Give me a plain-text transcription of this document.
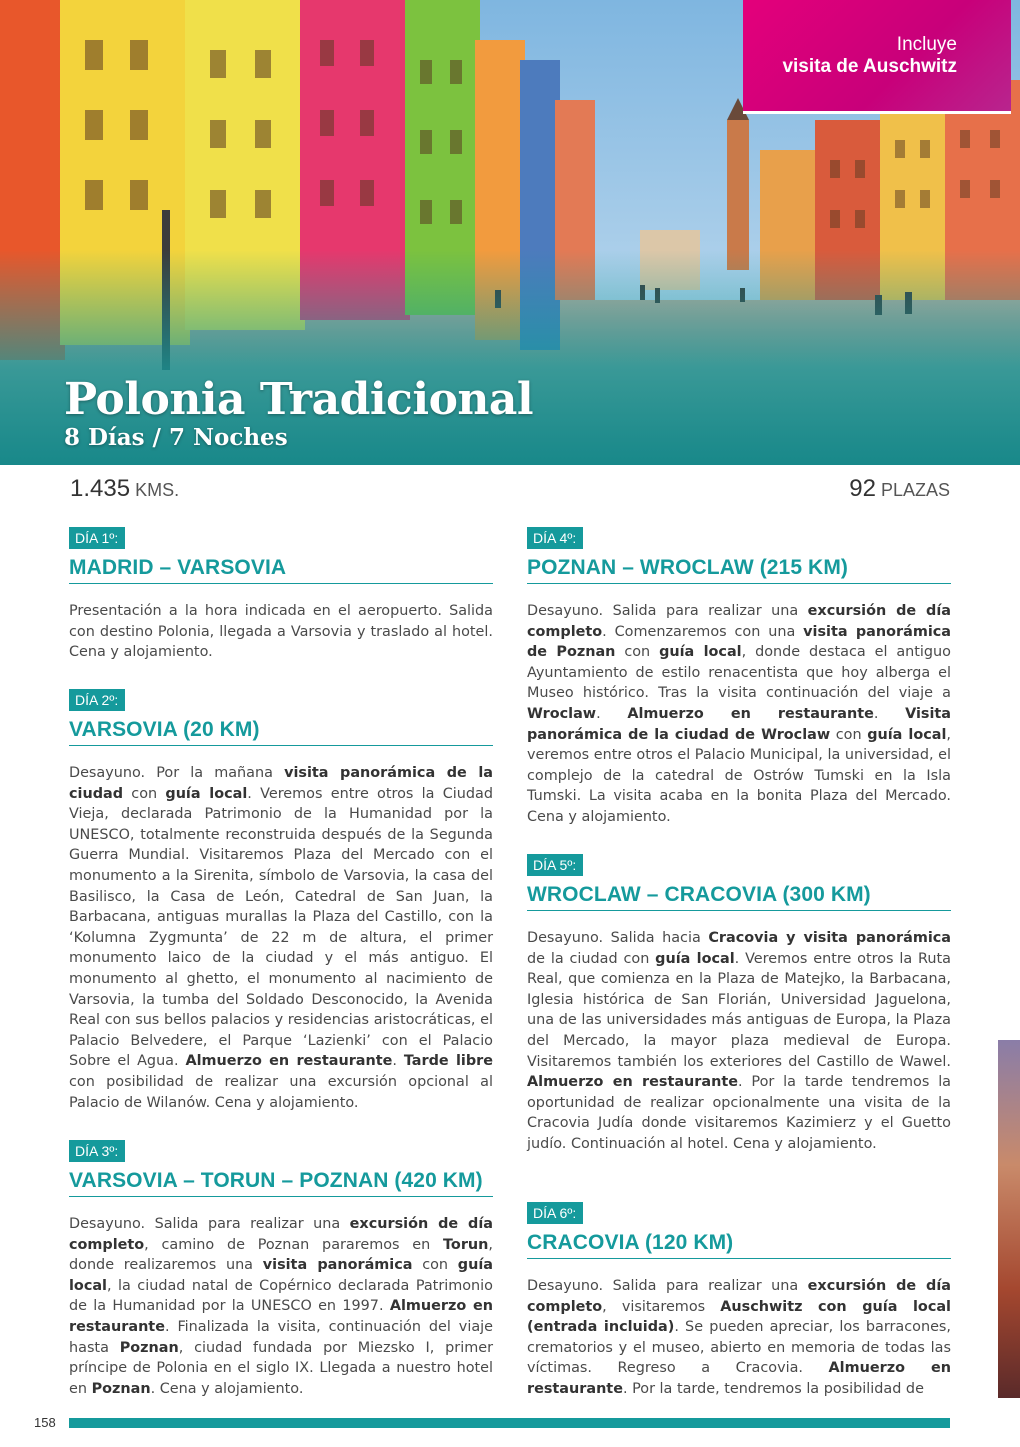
Incluye
visita de Auschwitz
Polonia Tradicional
8 Días / 7 Noches
1.435 KMS.	92 PLAZAS
DÍA 1º:
MADRID – VARSOVIA
Presentación a la hora indicada en el aeropuerto. Salida con destino Polonia, llegada a Varsovia y traslado al hotel. Cena y alojamiento.
DÍA 2º:
VARSOVIA (20 KM)
Desayuno. Por la mañana visita panorámica de la ciudad con guía local. Veremos entre otros la Ciudad Vieja, declarada Patrimonio de la Humanidad por la UNESCO, totalmente reconstruida después de la Segunda Guerra Mundial. Visitaremos Plaza del Mercado con el monumento a la Sirenita, símbolo de Varsovia, la casa del Basilisco, la Casa de León, Catedral de San Juan, la Barbacana, antiguas murallas la Plaza del Castillo, con la ‘Kolumna Zygmunta’ de 22 m de altura, el primer monumento laico de la ciudad y el más antiguo. El monumento al ghetto, el monumento al nacimiento de Varsovia, la tumba del Soldado Desconocido, la Avenida Real con sus bellos palacios y residencias aristocráticas, el Palacio Belvedere, el Parque ‘Lazienki’ con el Palacio Sobre el Agua. Almuerzo en restaurante. Tarde libre con posibilidad de realizar una excursión opcional al Palacio de Wilanów. Cena y alojamiento.
DÍA 3º:
VARSOVIA – TORUN – POZNAN (420 KM)
Desayuno. Salida para realizar una excursión de día completo, camino de Poznan pararemos en Torun, donde realizaremos una visita panorámica con guía local, la ciudad natal de Copérnico declarada Patrimonio de la Humanidad por la UNESCO en 1997. Almuerzo en restaurante. Finalizada la visita, continuación del viaje hasta Poznan, ciudad fundada por Miezsko I, primer príncipe de Polonia en el siglo IX. Llegada a nuestro hotel en Poznan. Cena y alojamiento.
DÍA 4º:
POZNAN – WROCLAW (215 KM)
Desayuno. Salida para realizar una excursión de día completo. Comenzaremos con una visita panorámica de Poznan con guía local, donde destaca el antiguo Ayuntamiento de estilo renacentista que hoy alberga el Museo histórico. Tras la visita continuación del viaje a Wroclaw. Almuerzo en restaurante. Visita panorámica de la ciudad de Wroclaw con guía local, veremos entre otros el Palacio Municipal, la universidad, el complejo de la catedral de Ostrów Tumski en la Isla Tumski. La visita acaba en la bonita Plaza del Mercado. Cena y alojamiento.
DÍA 5º:
WROCLAW – CRACOVIA (300 KM)
Desayuno. Salida hacia Cracovia y visita panorámica de la ciudad con guía local. Veremos entre otros la Ruta Real, que comienza en la Plaza de Matejko, la Barbacana, Iglesia histórica de San Florián, Universidad Jaguelona, una de las universidades más antiguas de Europa, la Plaza del Mercado, la mayor plaza medieval de Europa. Visitaremos también los exteriores del Castillo de Wawel. Almuerzo en restaurante. Por la tarde tendremos la oportunidad de realizar opcionalmente una visita de la Cracovia Judía donde visitaremos Kazimierz y el Guetto judío. Continuación al hotel. Cena y alojamiento.
DÍA 6º:
CRACOVIA (120 KM)
Desayuno. Salida para realizar una excursión de día completo, visitaremos Auschwitz con guía local (entrada incluida). Se pueden apreciar, los barracones, crematorios y el museo, abierto en memoria de todas las víctimas. Regreso a Cracovia. Almuerzo en restaurante. Por la tarde, tendremos la posibilidad de
158
